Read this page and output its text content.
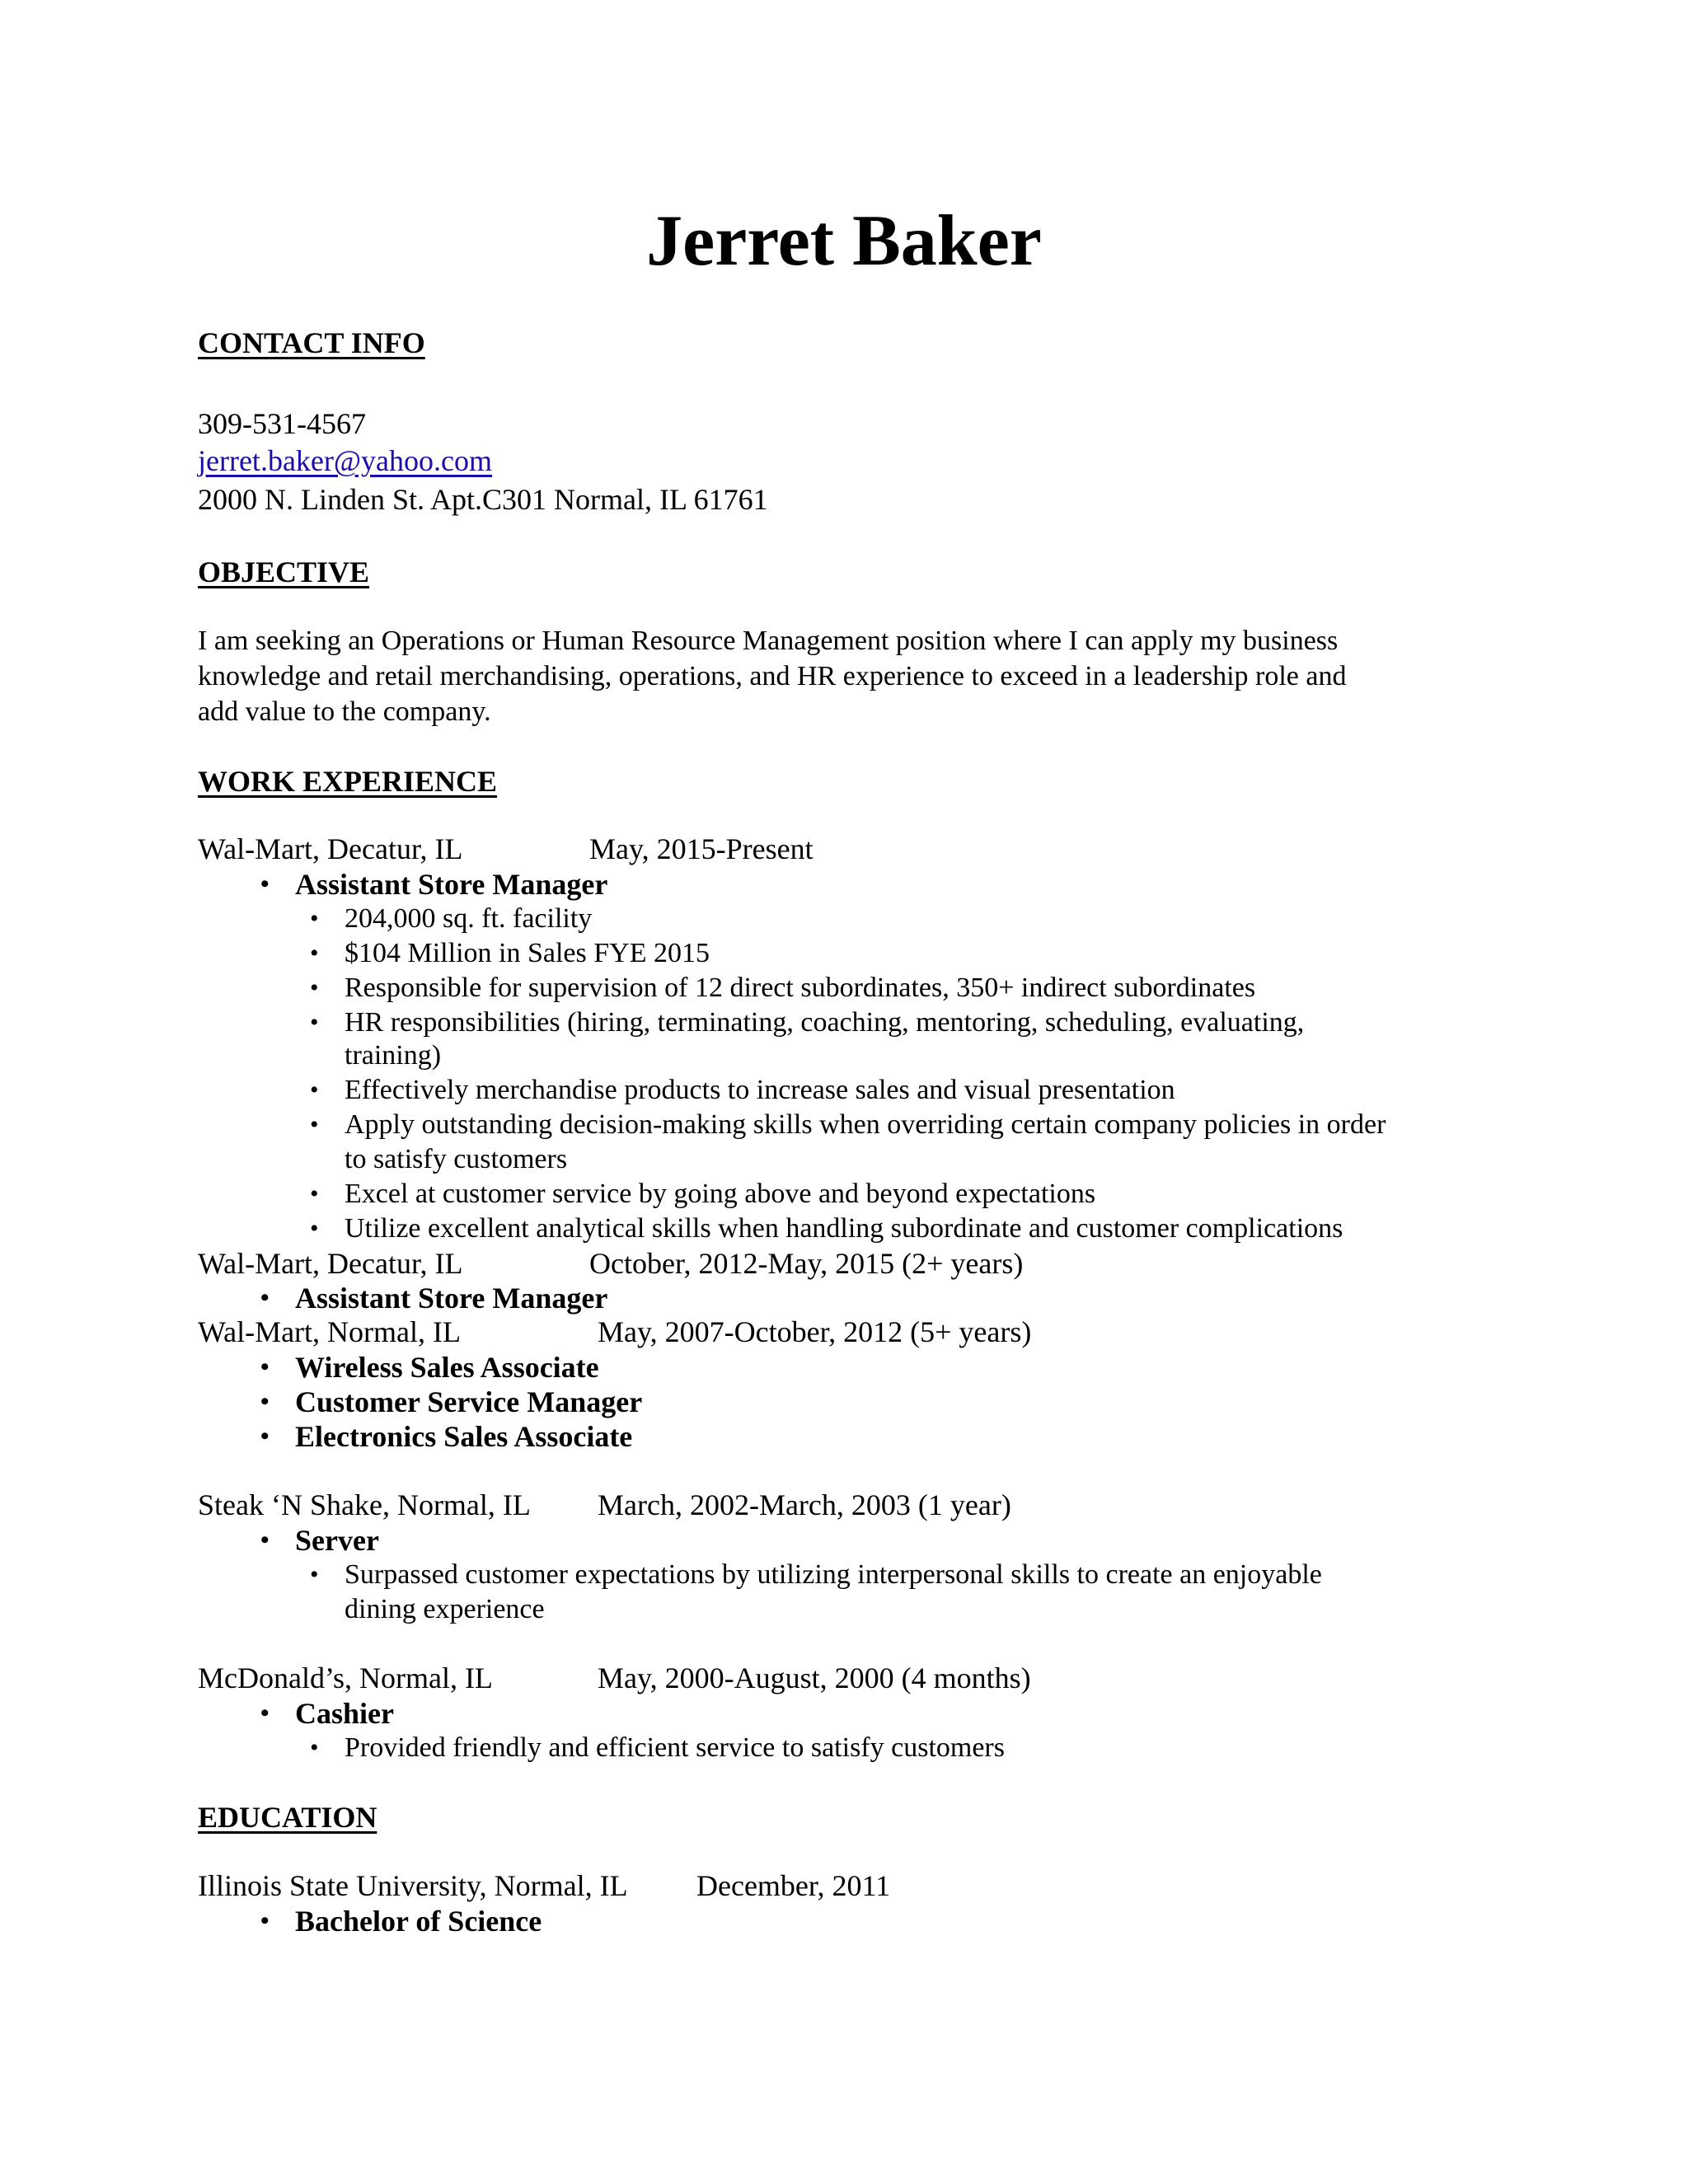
Jerret Baker
CONTACT INFO
309-531-4567
jerret.baker@yahoo.com
2000 N. Linden St. Apt.C301 Normal, IL 61761
OBJECTIVE
I am seeking an Operations or Human Resource Management position where I can apply my business
knowledge and retail merchandising, operations, and HR experience to exceed in a leadership role and
add value to the company.
WORK EXPERIENCE
Wal-Mart, Decatur, IL	May, 2015-Present
• Assistant Store Manager
• 204,000 sq. ft. facility
• $104 Million in Sales FYE 2015
• Responsible for supervision of 12 direct subordinates, 350+ indirect subordinates
• HR responsibilities (hiring, terminating, coaching, mentoring, scheduling, evaluating,
training)
• Effectively merchandise products to increase sales and visual presentation
• Apply outstanding decision-making skills when overriding certain company policies in order
to satisfy customers
• Excel at customer service by going above and beyond expectations
• Utilize excellent analytical skills when handling subordinate and customer complications
Wal-Mart, Decatur, IL	October, 2012-May, 2015 (2+ years)
• Assistant Store Manager
Wal-Mart, Normal, IL	May, 2007-October, 2012 (5+ years)
• Wireless Sales Associate
• Customer Service Manager
• Electronics Sales Associate
Steak ‘N Shake, Normal, IL March, 2002-March, 2003 (1 year)
• Server
• Surpassed customer expectations by utilizing interpersonal skills to create an enjoyable
dining experience
McDonald’s, Normal, IL	May, 2000-August, 2000 (4 months)
• Cashier
• Provided friendly and efficient service to satisfy customers
EDUCATION
Illinois State University, Normal, IL December, 2011
• Bachelor of Science
